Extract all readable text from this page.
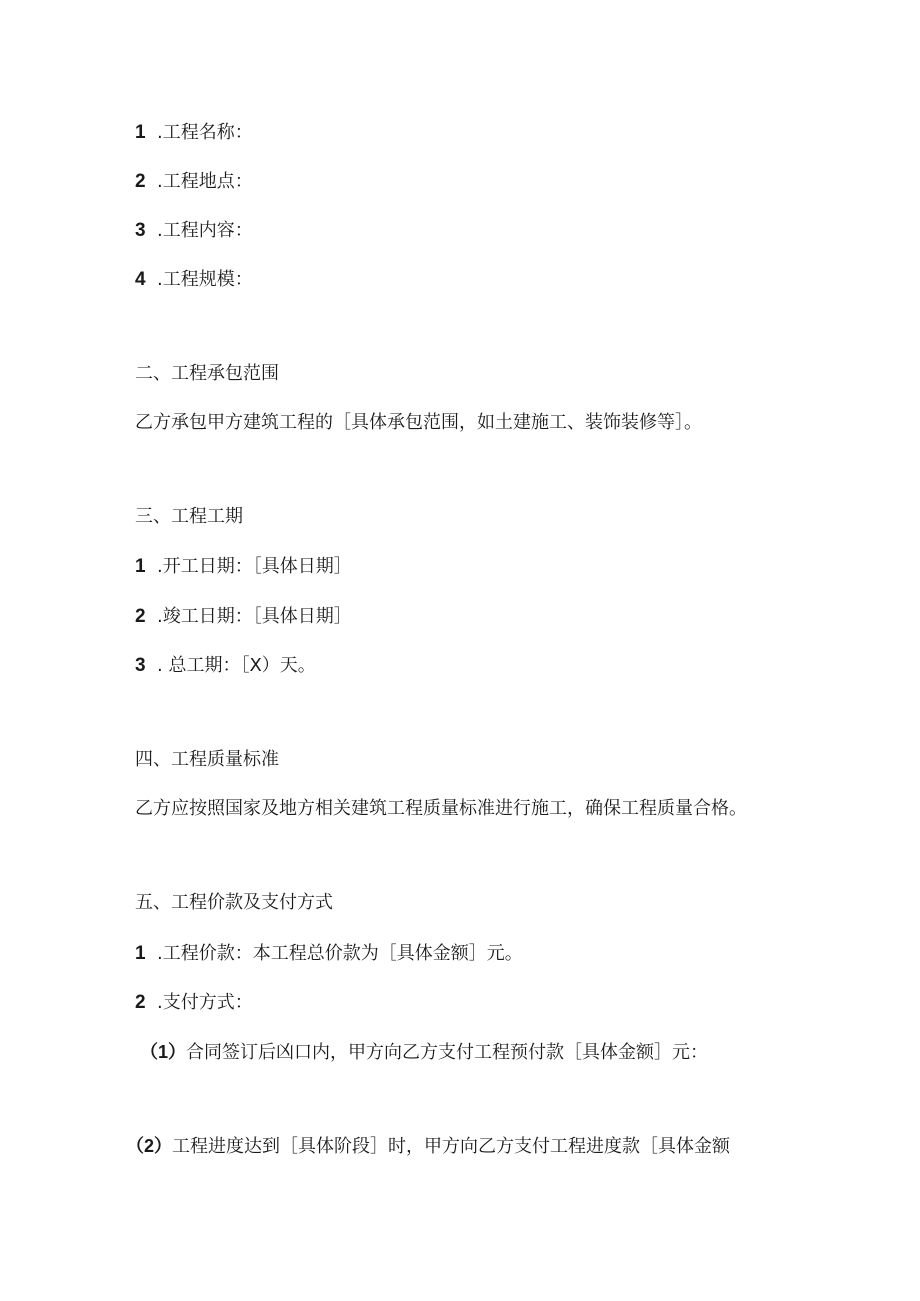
1 .工程名称：
2 .工程地点：
3 .工程内容：
4 .工程规模：
二、工程承包范围
乙方承包甲方建筑工程的［具体承包范围，如土建施工、装饰装修等］。
三、工程工期
1 .开工日期：［具体日期］
2 .竣工日期：［具体日期］
3 . 总工期：［X）天。
四、工程质量标准
乙方应按照国家及地方相关建筑工程质量标准进行施工，确保工程质量合格。
五、工程价款及支付方式
1 .工程价款：本工程总价款为［具体金额］元。
2 .支付方式：
（1）合同签订后凶口内，甲方向乙方支付工程预付款［具体金额］元：
（2）工程进度达到［具体阶段］时，甲方向乙方支付工程进度款［具体金额
